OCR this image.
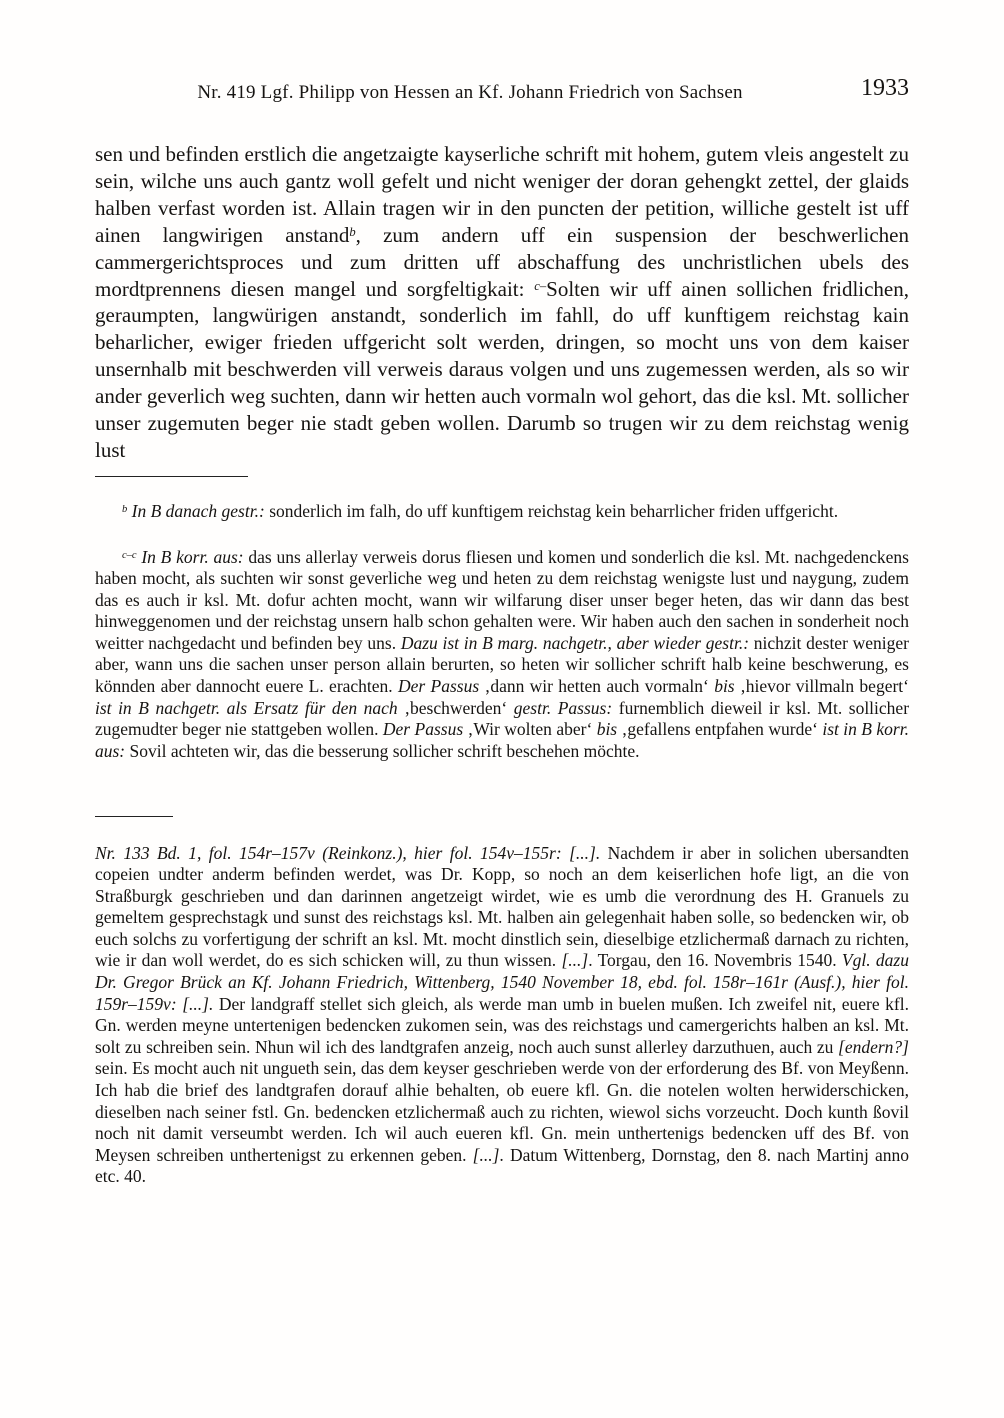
Nr. 419 Lgf. Philipp von Hessen an Kf. Johann Friedrich von Sachsen	1933

sen und befinden erstlich die angetzaigte kayserliche schrift mit hohem, gutem vleis angestelt zu sein, wilche uns auch gantz woll gefelt und nicht weniger der doran gehengkt zettel, der glaids halben verfast worden ist. Allain tragen wir in den puncten der petition, williche gestelt ist uff ainen langwirigen anstand$^b$, zum andern uff ein suspension der beschwerlichen cammergerichtsproces und zum dritten uff abschaffung des unchristlichen ubels des mordtprennens diesen mangel und sorgfeltigkait: $^{c-}$Solten wir uff ainen sollichen fridlichen, geraumpten, langwürigen anstandt, sonderlich im fahll, do uff kunftigem reichstag kain beharlicher, ewiger frieden uffgericht solt werden, dringen, so mocht uns von dem kaiser unsernhalb mit beschwerden vill verweis daraus volgen und uns zugemessen werden, als so wir ander geverlich weg suchten, dann wir hetten auch vormaln wol gehort, das die ksl. Mt. sollicher unser zugemuten beger nie stadt geben wollen. Darumb so trugen wir zu dem reichstag wenig lust

$^b$ In B danach gestr.: sonderlich im falh, do uff kunftigem reichstag kein beharrlicher friden uffgericht.

$^{c-c}$ In B korr. aus: das uns allerlay verweis dorus fliesen und komen und sonderlich die ksl. Mt. nachgedenckens haben mocht, als suchten wir sonst geverliche weg und heten zu dem reichstag wenigste lust und naygung, zudem das es auch ir ksl. Mt. dofur achten mocht, wann wir wilfarung diser unser beger heten, das wir dann das best hinweggenomen und der reichstag unsern halb schon gehalten were. Wir haben auch den sachen in sonderheit noch weitter nachgedacht und befinden bey uns. Dazu ist in B marg. nachgetr., aber wieder gestr.: nichzit dester weniger aber, wann uns die sachen unser person allain berurten, so heten wir sollicher schrift halb keine beschwerung, es könnden aber dannocht euere L. erachten. Der Passus ‚dann wir hetten auch vormaln‘ bis ‚hievor villmaln begert‘ ist in B nachgetr. als Ersatz für den nach ‚beschwerden‘ gestr. Passus: furnemblich dieweil ir ksl. Mt. sollicher zugemudter beger nie stattgeben wollen. Der Passus ‚Wir wolten aber‘ bis ‚gefallens entpfahen wurde‘ ist in B korr. aus: Sovil achteten wir, das die besserung sollicher schrift beschehen möchte.

Nr. 133 Bd. 1, fol. 154r–157v (Reinkonz.), hier fol. 154v–155r: [...]. Nachdem ir aber in solichen ubersandten copeien undter anderm befinden werdet, was Dr. Kopp, so noch an dem keiserlichen hofe ligt, an die von Straßburgk geschrieben und dan darinnen angetzeigt wirdet, wie es umb die verordnung des H. Granuels zu gemeltem gesprechstagk und sunst des reichstags ksl. Mt. halben ain gelegenhait haben solle, so bedencken wir, ob euch solchs zu vorfertigung der schrift an ksl. Mt. mocht dinstlich sein, dieselbige etzlichermaß darnach zu richten, wie ir dan woll werdet, do es sich schicken will, zu thun wissen. [...]. Torgau, den 16. Novembris 1540. Vgl. dazu Dr. Gregor Brück an Kf. Johann Friedrich, Wittenberg, 1540 November 18, ebd. fol. 158r–161r (Ausf.), hier fol. 159r–159v: [...]. Der landgraff stellet sich gleich, als werde man umb in buelen mußen. Ich zweifel nit, euere kfl. Gn. werden meyne untertenigen bedencken zukomen sein, was des reichstags und camergerichts halben an ksl. Mt. solt zu schreiben sein. Nhun wil ich des landtgrafen anzeig, noch auch sunst allerley darzuthuen, auch zu [endern?] sein. Es mocht auch nit ungueth sein, das dem keyser geschrieben werde von der erforderung des Bf. von Meyßenn. Ich hab die brief des landtgrafen dorauf alhie behalten, ob euere kfl. Gn. die notelen wolten herwiderschicken, dieselben nach seiner fstl. Gn. bedencken etzlichermaß auch zu richten, wiewol sichs vorzeucht. Doch kunth ßovil noch nit damit verseumbt werden. Ich wil auch eueren kfl. Gn. mein unthertenigs bedencken uff des Bf. von Meysen schreiben unthertenigst zu erkennen geben. [...]. Datum Wittenberg, Dornstag, den 8. nach Martinj anno etc. 40.
